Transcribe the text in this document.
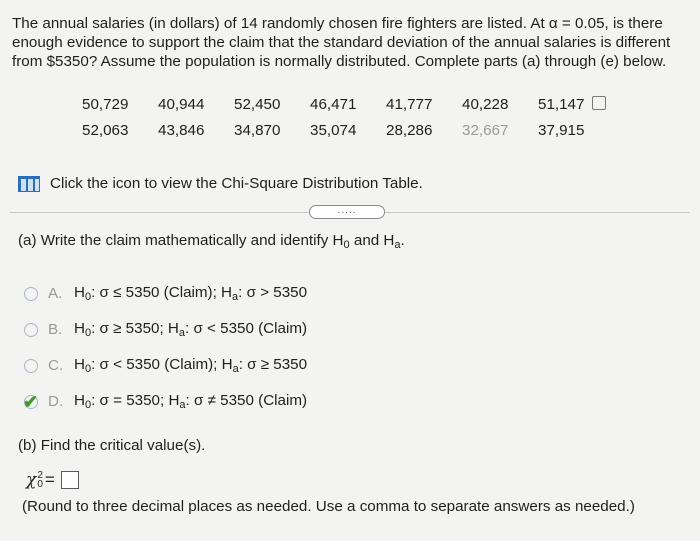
The annual salaries (in dollars) of 14 randomly chosen fire fighters are listed. At α = 0.05, is there enough evidence to support the claim that the standard deviation of the annual salaries is different from $5350? Assume the population is normally distributed. Complete parts (a) through (e) below.
50,729 40,944 52,450 46,471 41,777 40,228 51,147
52,063 43,846 34,870 35,074 28,286 32,667 37,915
Click the icon to view the Chi-Square Distribution Table.
.....
(a) Write the claim mathematically and identify $H_0$ and $H_a$.
A. $H_0$: σ ≤ 5350 (Claim); $H_a$: σ > 5350
B. $H_0$: σ ≥ 5350; $H_a$: σ < 5350 (Claim)
C. $H_0$: σ < 5350 (Claim); $H_a$: σ ≥ 5350
✔ D. $H_0$: σ = 5350; $H_a$: σ ≠ 5350 (Claim)
(b) Find the critical value(s).
χ 2
0 =
(Round to three decimal places as needed. Use a comma to separate answers as needed.)
